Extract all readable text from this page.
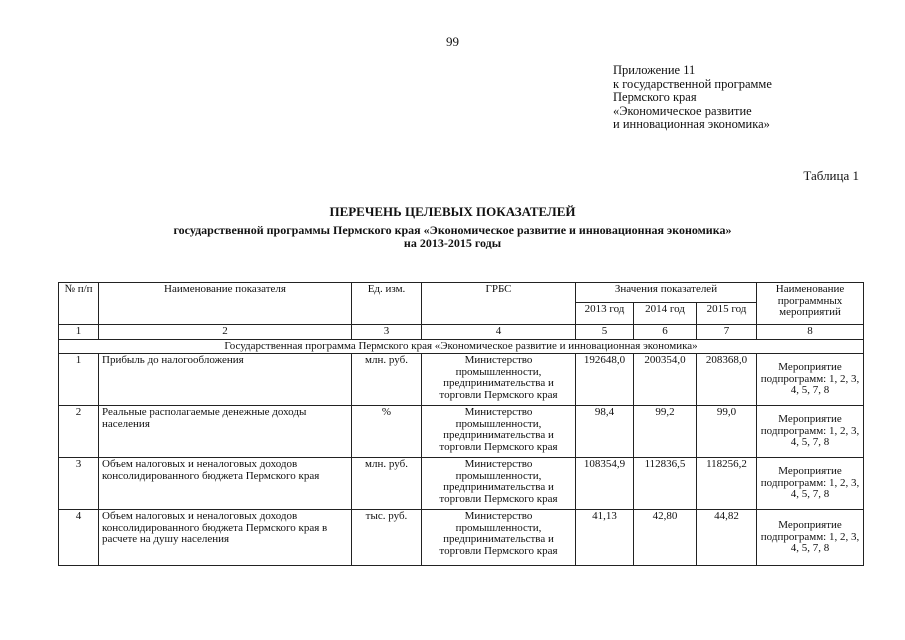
99
Приложение 11
к государственной программе
Пермского края
«Экономическое развитие
и инновационная экономика»
Таблица 1
ПЕРЕЧЕНЬ ЦЕЛЕВЫХ ПОКАЗАТЕЛЕЙ
государственной программы Пермского края «Экономическое развитие и инновационная экономика»
на 2013-2015 годы
№ п/п	Наименование показателя	Ед. изм.	ГРБС	Значения показателей			Наименование программных мероприятий
				2013 год	2014 год	2015 год	
1	2	3	4	5	6	7	8
Государственная программа Пермского края «Экономическое развитие и инновационная экономика»							
1	Прибыль до налогообложения	млн. руб.	Министерство промышленности, предпринимательства и торговли Пермского края	192648,0	200354,0	208368,0	Мероприятие подпрограмм: 1, 2, 3, 4, 5, 7, 8
2	Реальные располагаемые денежные доходы населения	%	Министерство промышленности, предпринимательства и торговли Пермского края	98,4	99,2	99,0	Мероприятие подпрограмм: 1, 2, 3, 4, 5, 7, 8
3	Объем налоговых и неналоговых доходов консолидированного бюджета Пермского края	млн. руб.	Министерство промышленности, предпринимательства и торговли Пермского края	108354,9	112836,5	118256,2	Мероприятие подпрограмм: 1, 2, 3, 4, 5, 7, 8
4	Объем налоговых и неналоговых доходов консолидированного бюджета Пермского края в расчете на душу населения	тыс. руб.	Министерство промышленности, предпринимательства и торговли Пермского края	41,13	42,80	44,82	Мероприятие подпрограмм: 1, 2, 3, 4, 5, 7, 8
